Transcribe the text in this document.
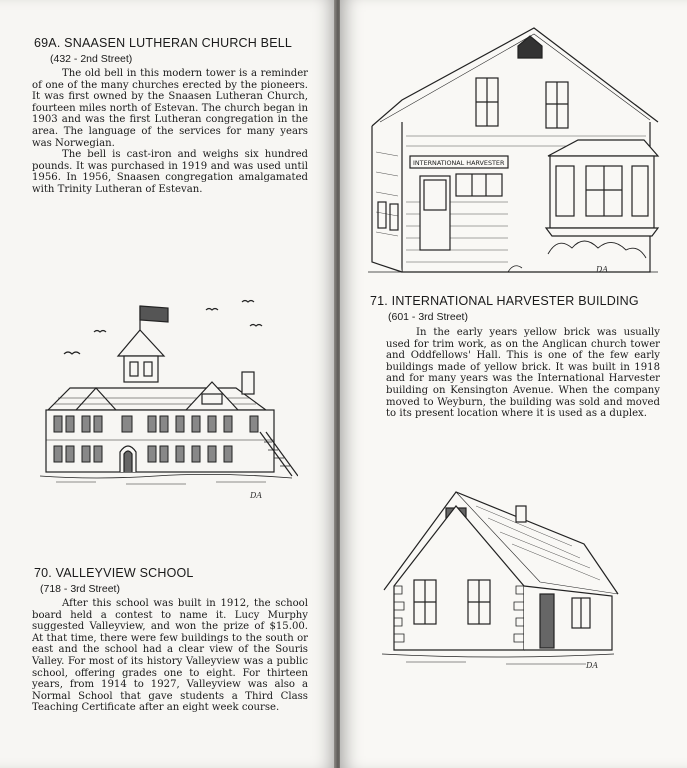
69A. SNAASEN LUTHERAN CHURCH BELL
(432 - 2nd Street)

The old bell in this modern tower is a reminder of one of the many churches erected by the pioneers. It was first owned by the Snaasen Lutheran Church, fourteen miles north of Estevan. The church began in 1903 and was the first Lutheran congregation in the area. The language of the services for many years was Norwegian.

The bell is cast-iron and weighs six hundred pounds. It was purchased in 1919 and was used until 1956. In 1956, Snaasen congregation amalgamated with Trinity Lutheran of Estevan.

DA
70. VALLEYVIEW SCHOOL
(718 - 3rd Street)

After this school was built in 1912, the school board held a contest to name it. Lucy Murphy suggested Valleyview, and won the prize of $15.00. At that time, there were few buildings to the south or east and the school had a clear view of the Souris Valley. For most of its history Valleyview was a public school, offering grades one to eight. For thirteen years, from 1914 to 1927, Valleyview was also a Normal School that gave students a Third Class Teaching Certificate after an eight week course.

INTERNATIONAL HARVESTER
DA
71. INTERNATIONAL HARVESTER BUILDING
(601 - 3rd Street)

In the early years yellow brick was usually used for trim work, as on the Anglican church tower and Oddfellows' Hall. This is one of the few early buildings made of yellow brick. It was built in 1918 and for many years was the International Harvester building on Kensington Avenue. When the company moved to Weyburn, the building was sold and moved to its present location where it is used as a duplex.

DA
